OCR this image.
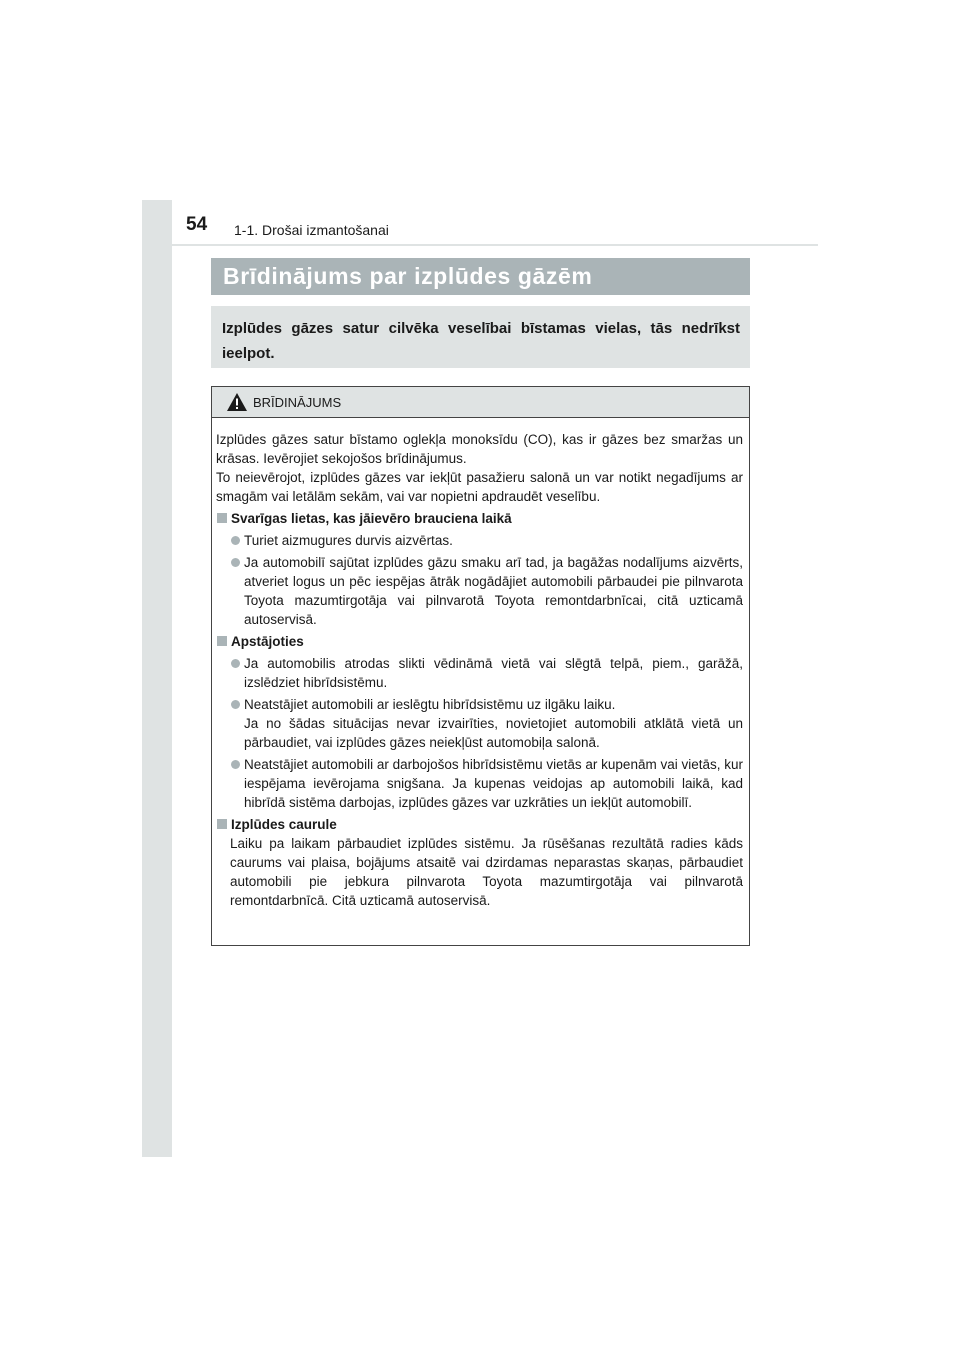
54 1-1. Drošai izmantošanai
Brīdinājums par izplūdes gāzēm
Izplūdes gāzes satur cilvēka veselībai bīstamas vielas, tās nedrīkst ieelpot.
BRĪDINĀJUMS
Izplūdes gāzes satur bīstamo oglekļa monoksīdu (CO), kas ir gāzes bez smaržas un krāsas. Ievērojiet sekojošos brīdinājumus.
To neievērojot, izplūdes gāzes var iekļūt pasažieru salonā un var notikt negadījums ar smagām vai letālām sekām, vai var nopietni apdraudēt veselību.
Svarīgas lietas, kas jāievēro brauciena laikā
Turiet aizmugures durvis aizvērtas.
Ja automobilī sajūtat izplūdes gāzu smaku arī tad, ja bagāžas nodalījums aizvērts, atveriet logus un pēc iespējas ātrāk nogādājiet automobili pārbaudei pie pilnvarota Toyota mazumtirgotāja vai pilnvarotā Toyota remontdarbnīcai, citā uzticamā autoservisā.
Apstājoties
Ja automobilis atrodas slikti vēdināmā vietā vai slēgtā telpā, piem., garāžā, izslēdziet hibrīdsistēmu.
Neatstājiet automobili ar ieslēgtu hibrīdsistēmu uz ilgāku laiku.
Ja no šādas situācijas nevar izvairīties, novietojiet automobili atklātā vietā un pārbaudiet, vai izplūdes gāzes neiekļūst automobiļa salonā.
Neatstājiet automobili ar darbojošos hibrīdsistēmu vietās ar kupenām vai vietās, kur iespējama ievērojama snigšana. Ja kupenas veidojas ap automobili laikā, kad hibrīdā sistēma darbojas, izplūdes gāzes var uzkrāties un iekļūt automobilī.
Izplūdes caurule
Laiku pa laikam pārbaudiet izplūdes sistēmu. Ja rūsēšanas rezultātā radies kāds caurums vai plaisa, bojājums atsaitē vai dzirdamas neparastas skaņas, pārbaudiet automobili pie jebkura pilnvarota Toyota mazumtirgotāja vai pilnvarotā remontdarbnīcā. Citā uzticamā autoservisā.
